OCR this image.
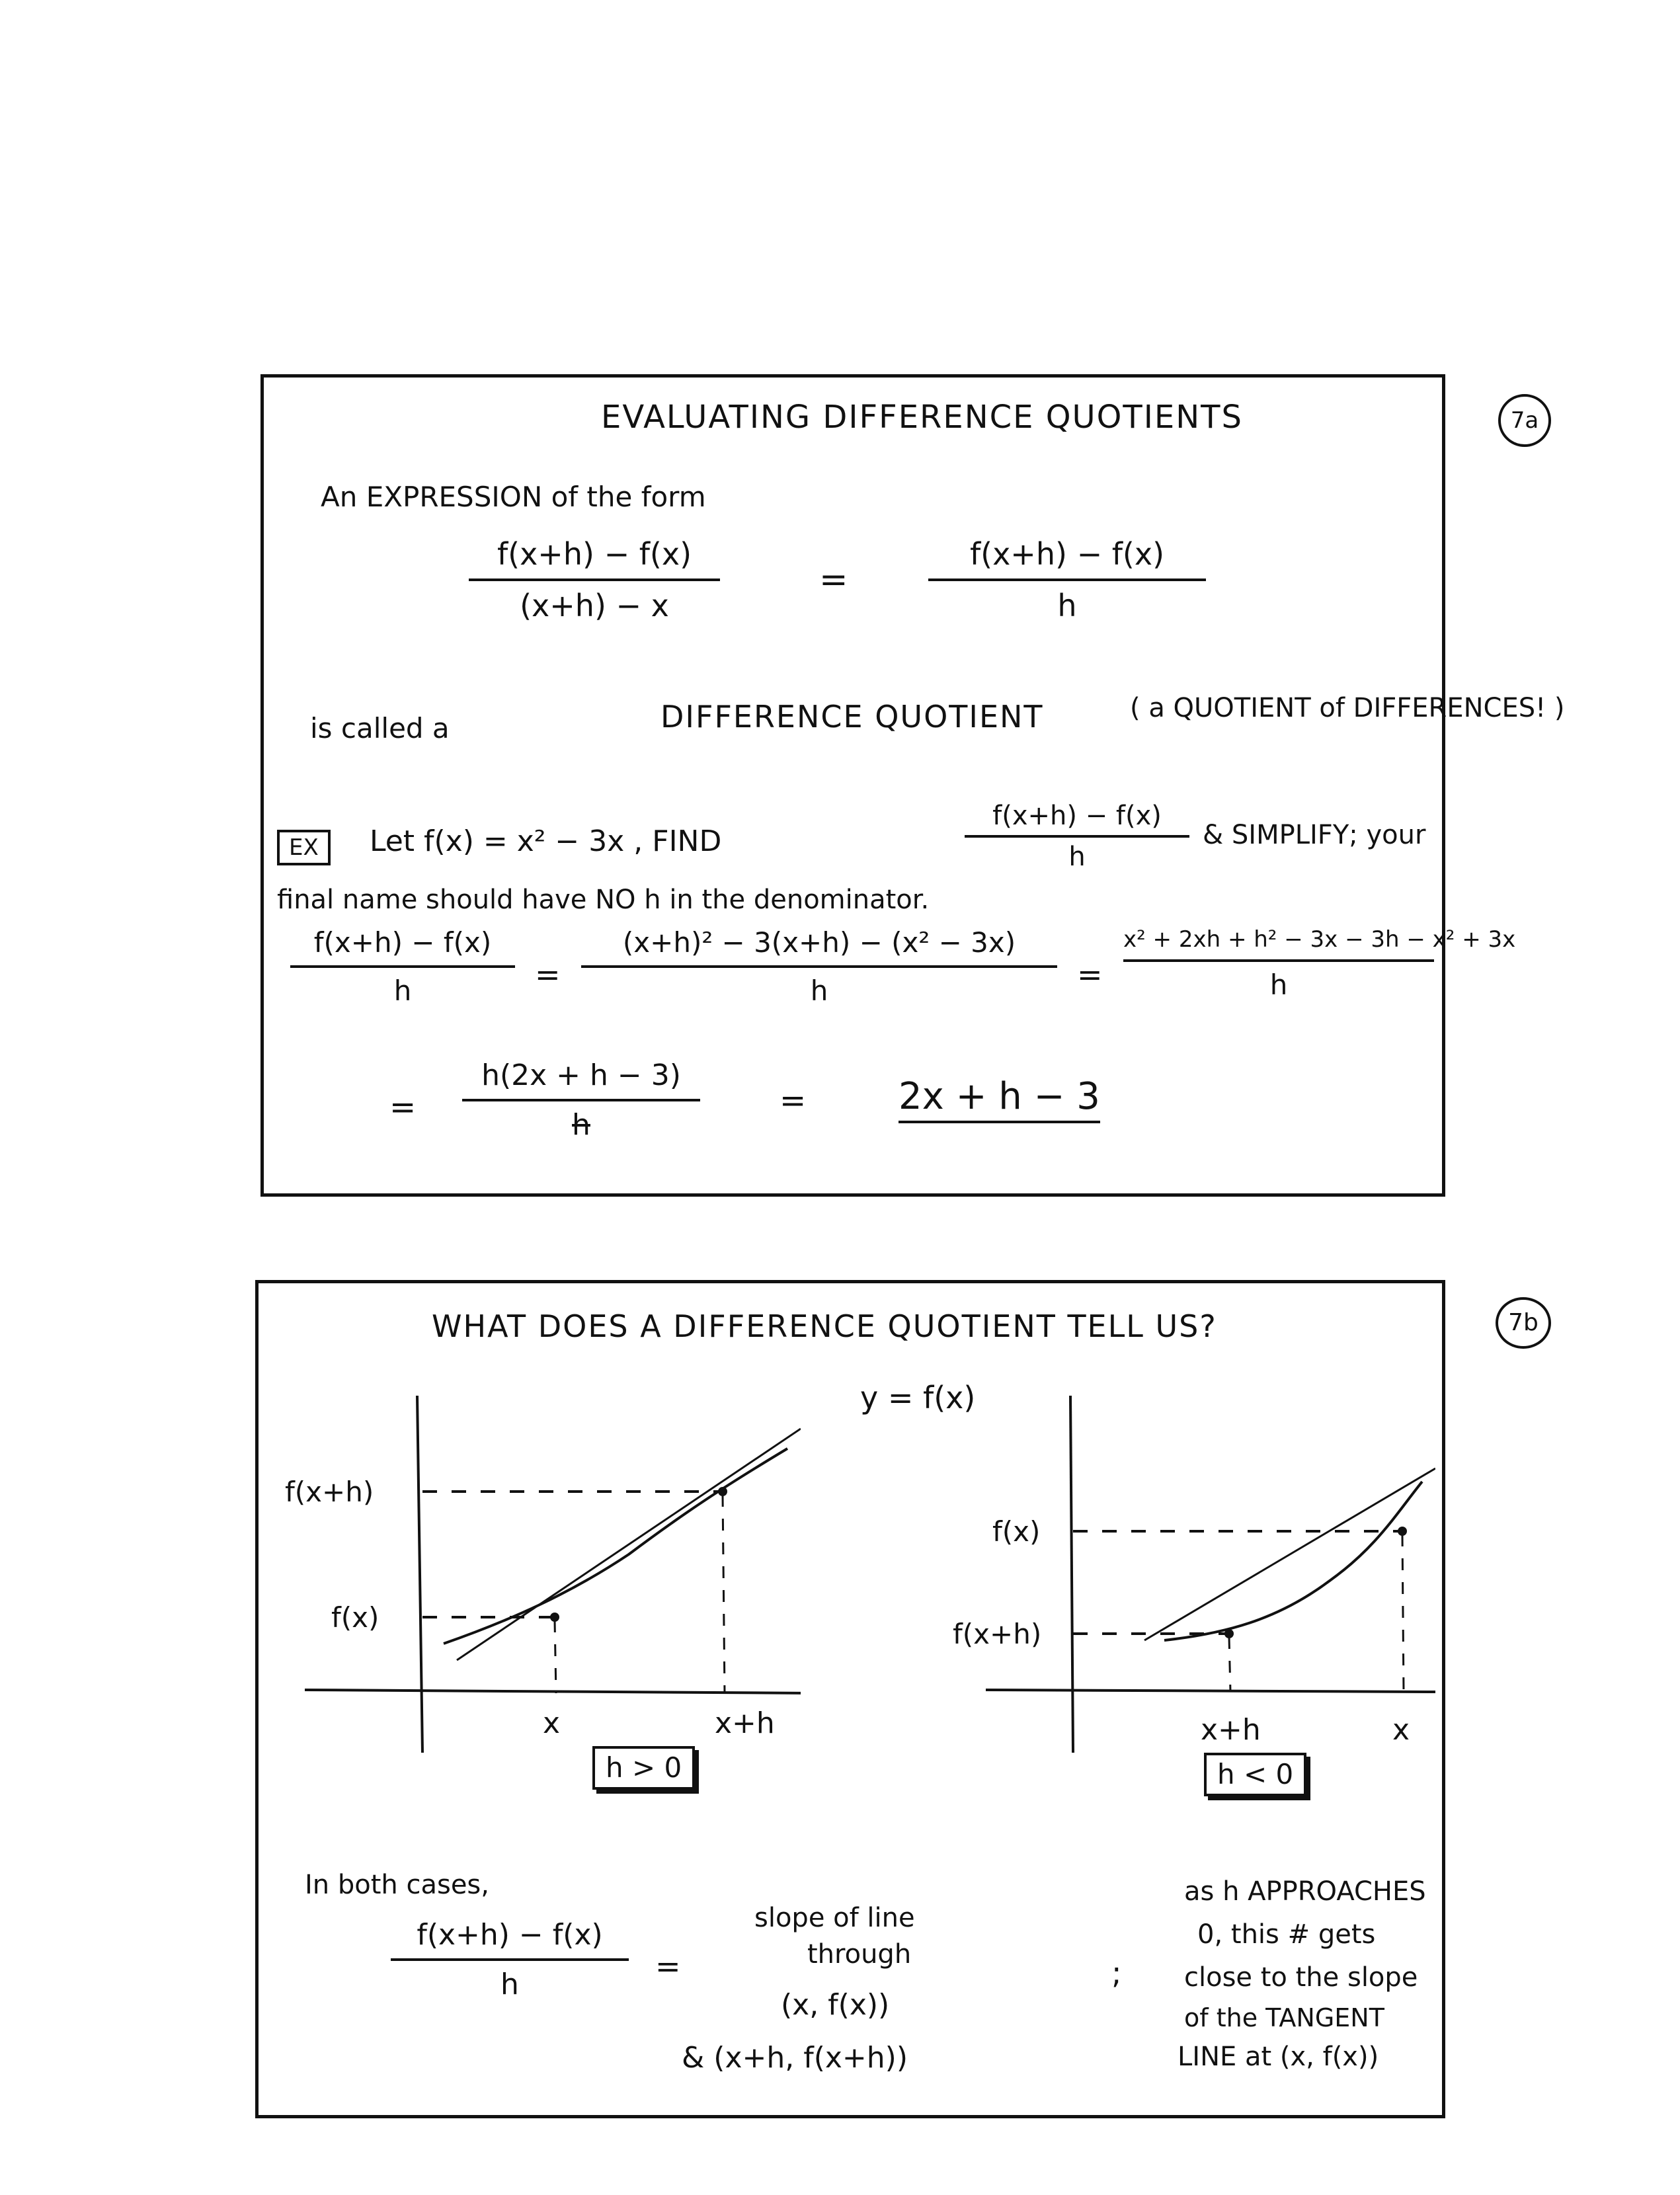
EVALUATING DIFFERENCE QUOTIENTS
An EXPRESSION of the form
f(x+h) − f(x)
(x+h) − x
=
f(x+h) − f(x)
h
is called a	DIFFERENCE QUOTIENT	( a QUOTIENT of DIFFERENCES! )
EX	Let f(x) = x² − 3x , FIND
f(x+h) − f(x)
h
& SIMPLIFY; your
final name should have NO h in the denominator.
f(x+h) − f(x)
h	=
(x+h)² − 3(x+h) − (x² − 3x)
h	=
x² + 2xh + h² − 3x − 3h − x² + 3x
h
=
h(2x + h − 3)
h
= 2x + h − 3
7a
WHAT DOES A DIFFERENCE QUOTIENT TELL US?
y = f(x)
f(x+h)
f(x)
x	x+h
h > 0
f(x)
f(x+h)
x+h	x
h < 0
In both cases,
f(x+h) − f(x)
h
=
slope of line
through
(x, f(x))
& (x+h, f(x+h))
;
as h APPROACHES
0, this # gets
close to the slope
of the TANGENT
LINE at (x, f(x))
7b
